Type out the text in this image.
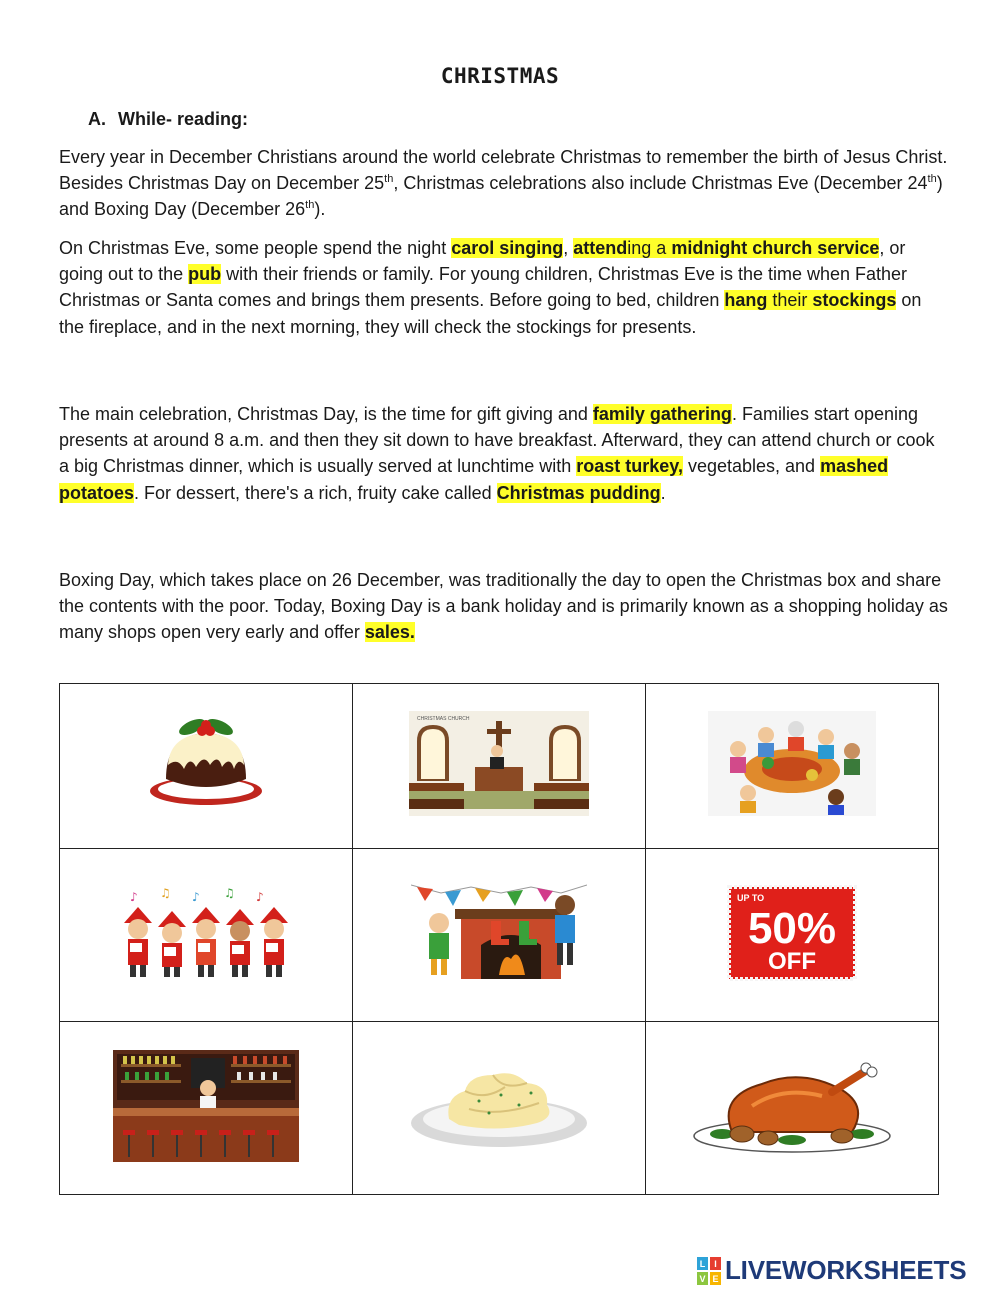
CHRISTMAS
A. While- reading:

Every year in December Christians around the world celebrate Christmas to remember the birth of Jesus Christ. Besides Christmas Day on December 25th, Christmas celebrations also include Christmas Eve (December 24th) and Boxing Day (December 26th).

On Christmas Eve, some people spend the night carol singing, attending a midnight church service, or going out to the pub with their friends or family. For young children, Christmas Eve is the time when Father Christmas or Santa comes and brings them presents. Before going to bed, children hang their stockings on the fireplace, and in the next morning, they will check the stockings for presents.

The main celebration, Christmas Day, is the time for gift giving and family gathering. Families start opening presents at around 8 a.m. and then they sit down to have breakfast. Afterward, they can attend church or cook a big Christmas dinner, which is usually served at lunchtime with roast turkey, vegetables, and mashed potatoes. For dessert, there's a rich, fruity cake called Christmas pudding.

Boxing Day, which takes place on 26 December, was traditionally the day to open the Christmas box and share the contents with the poor. Today, Boxing Day is a bank holiday and is primarily known as a shopping holiday as many shops open very early and offer sales.

CHRISTMAS CHURCH

♪ ♫ ♪ ♫ ♪		UP TO
50%
OFF

L I
V E LIVEWORKSHEETS
